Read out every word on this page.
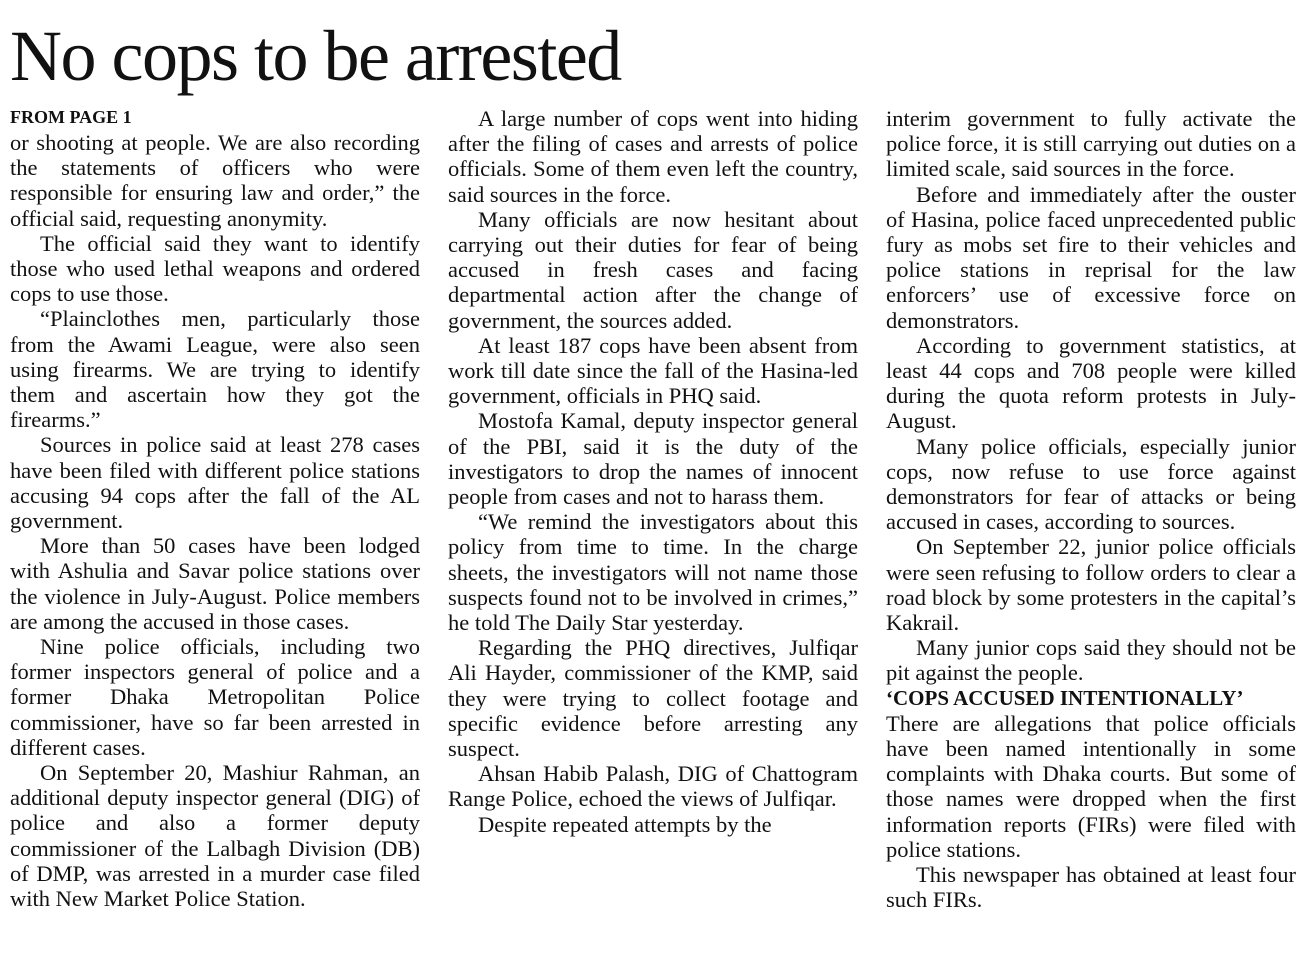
No cops to be arrested
FROM PAGE 1

or shooting at people. We are also recording the statements of officers who were responsible for ensuring law and order,” the official said, requesting anonymity.

The official said they want to identify those who used lethal weapons and ordered cops to use those.

“Plainclothes men, particularly those from the Awami League, were also seen using firearms. We are trying to identify them and ascertain how they got the firearms.”

Sources in police said at least 278 cases have been filed with different police stations accusing 94 cops after the fall of the AL government.

More than 50 cases have been lodged with Ashulia and Savar police stations over the violence in July-August. Police members are among the accused in those cases.

Nine police officials, including two former inspectors general of police and a former Dhaka Metropolitan Police commissioner, have so far been arrested in different cases.

On September 20, Mashiur Rahman, an additional deputy inspector general (DIG) of police and also a former deputy commissioner of the Lalbagh Division (DB) of DMP, was arrested in a murder case filed with New Market Police Station.

A large number of cops went into hiding after the filing of cases and arrests of police officials. Some of them even left the country, said sources in the force.

Many officials are now hesitant about carrying out their duties for fear of being accused in fresh cases and facing departmental action after the change of government, the sources added.

At least 187 cops have been absent from work till date since the fall of the Hasina-led government, officials in PHQ said.

Mostofa Kamal, deputy inspector general of the PBI, said it is the duty of the investigators to drop the names of innocent people from cases and not to harass them.

“We remind the investigators about this policy from time to time. In the charge sheets, the investigators will not name those suspects found not to be involved in crimes,” he told The Daily Star yesterday.

Regarding the PHQ directives, Julfiqar Ali Hayder, commissioner of the KMP, said they were trying to collect footage and specific evidence before arresting any suspect.

Ahsan Habib Palash, DIG of Chattogram Range Police, echoed the views of Julfiqar.

Despite repeated attempts by the

interim government to fully activate the police force, it is still carrying out duties on a limited scale, said sources in the force.

Before and immediately after the ouster of Hasina, police faced unprecedented public fury as mobs set fire to their vehicles and police stations in reprisal for the law enforcers’ use of excessive force on demonstrators.

According to government statistics, at least 44 cops and 708 people were killed during the quota reform protests in July-August.

Many police officials, especially junior cops, now refuse to use force against demonstrators for fear of attacks or being accused in cases, according to sources.

On September 22, junior police officials were seen refusing to follow orders to clear a road block by some protesters in the capital’s Kakrail.

Many junior cops said they should not be pit against the people.

‘COPS ACCUSED INTENTIONALLY’

There are allegations that police officials have been named intentionally in some complaints with Dhaka courts. But some of those names were dropped when the first information reports (FIRs) were filed with police stations.

This newspaper has obtained at least four such FIRs.
